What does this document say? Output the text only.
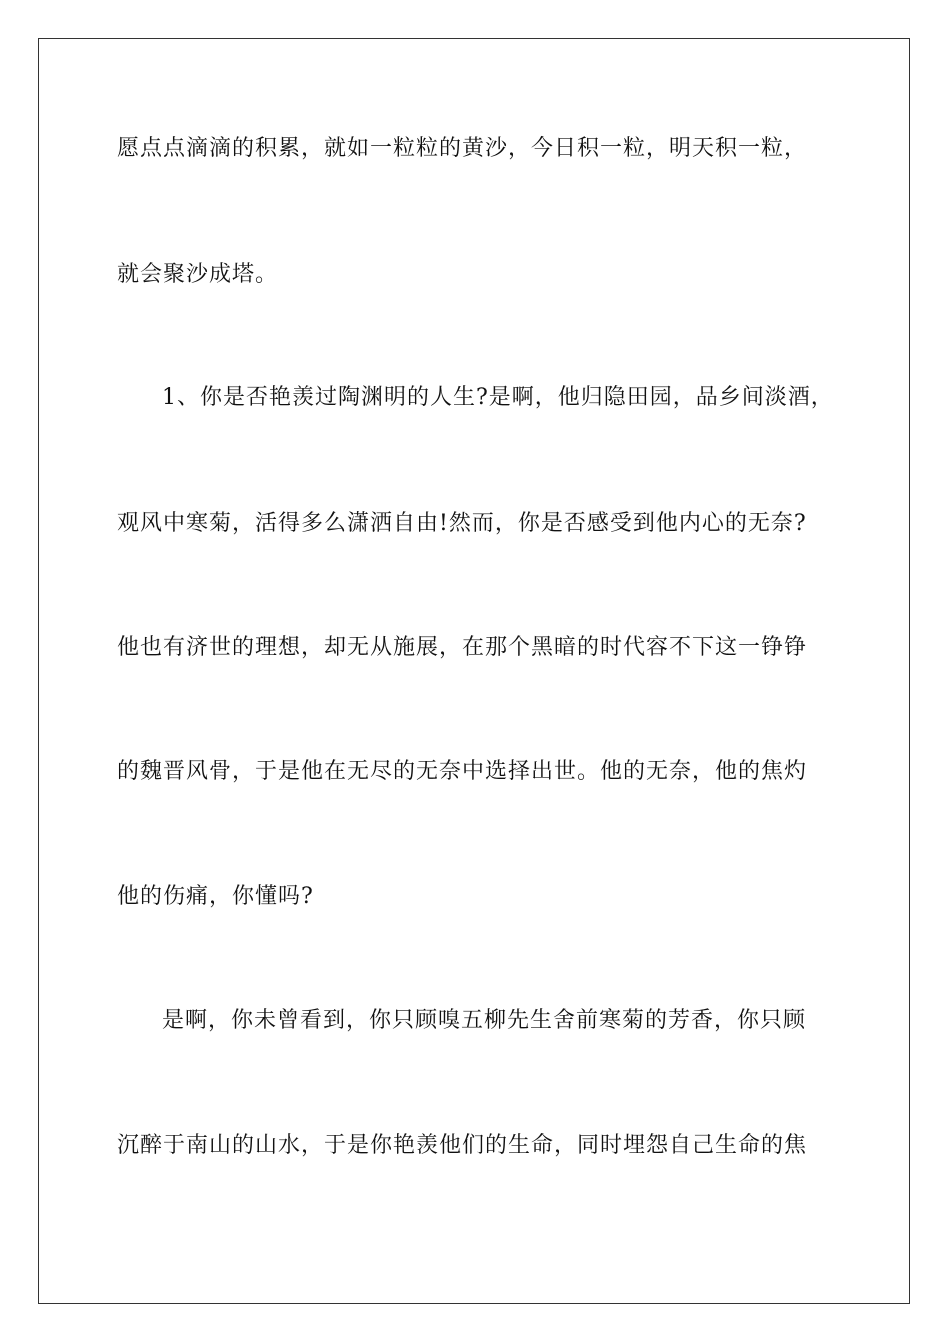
愿点点滴滴的积累，就如一粒粒的黄沙，今日积一粒，明天积一粒，
就会聚沙成塔。
1、你是否艳羡过陶渊明的人生?是啊，他归隐田园，品乡间淡酒，
观风中寒菊，活得多么潇洒自由!然而，你是否感受到他内心的无奈?
他也有济世的理想，却无从施展，在那个黑暗的时代容不下这一铮铮
的魏晋风骨，于是他在无尽的无奈中选择出世。他的无奈，他的焦灼
他的伤痛，你懂吗?
是啊，你未曾看到，你只顾嗅五柳先生舍前寒菊的芳香，你只顾
沉醉于南山的山水，于是你艳羡他们的生命，同时埋怨自己生命的焦
